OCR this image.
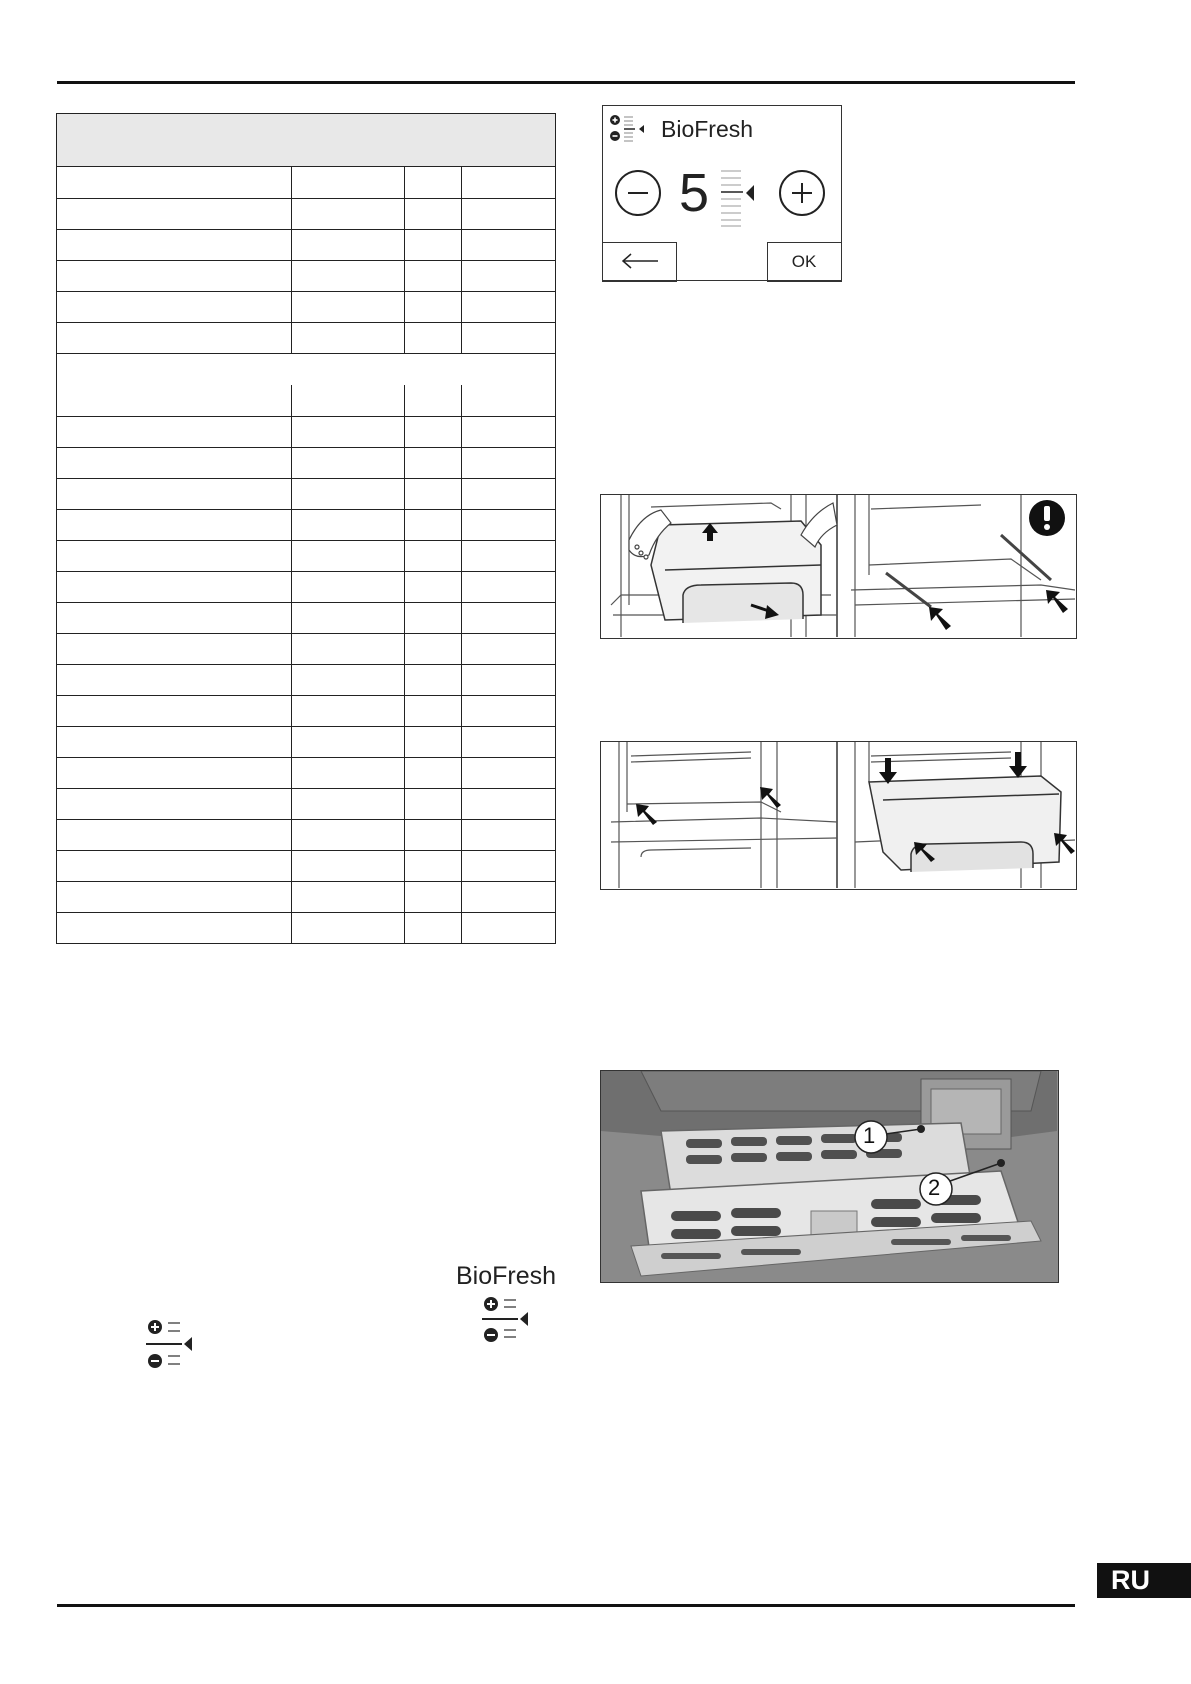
BioFresh
5
OK
1
2
BioFresh
RU
